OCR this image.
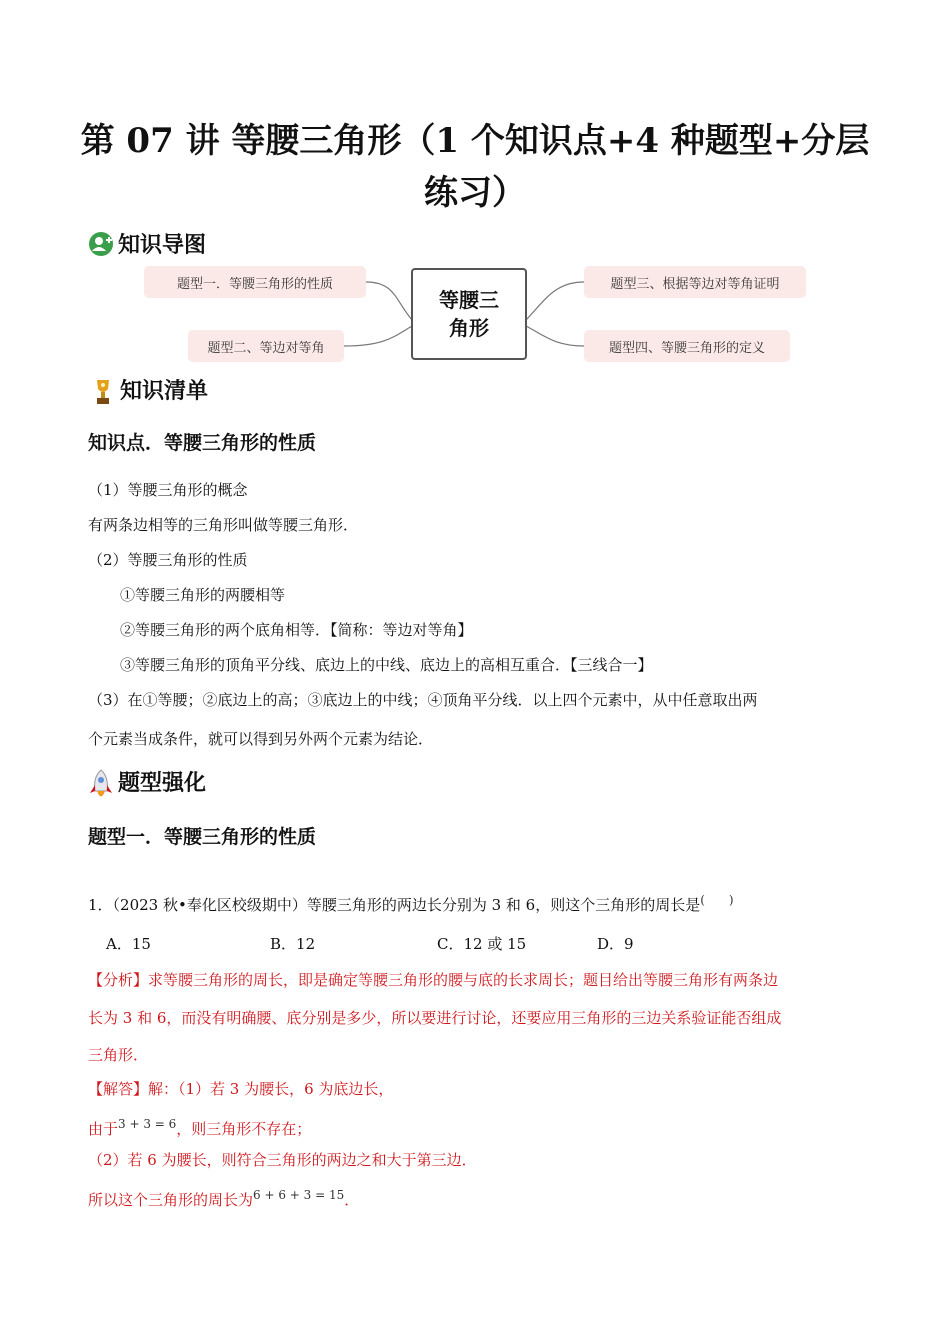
第 07 讲 等腰三角形（1 个知识点+4 种题型+分层
练习）
知识导图
题型一．等腰三角形的性质
题型二、等边对等角
题型三、根据等边对等角证明
题型四、等腰三角形的定义
等腰三
角形
知识清单
知识点．等腰三角形的性质
（1）等腰三角形的概念
有两条边相等的三角形叫做等腰三角形．
（2）等腰三角形的性质
①等腰三角形的两腰相等
②等腰三角形的两个底角相等．【简称：等边对等角】
③等腰三角形的顶角平分线、底边上的中线、底边上的高相互重合．【三线合一】
（3）在①等腰；②底边上的高；③底边上的中线；④顶角平分线．以上四个元素中，从中任意取出两
个元素当成条件，就可以得到另外两个元素为结论．
题型强化
题型一．等腰三角形的性质
1．（2023 秋•奉化区校级期中）等腰三角形的两边长分别为 3 和 6，则这个三角形的周长是(　　)
A．15	B．12	C．12 或 15	D．9
【分析】求等腰三角形的周长，即是确定等腰三角形的腰与底的长求周长；题目给出等腰三角形有两条边
长为 3 和 6，而没有明确腰、底分别是多少，所以要进行讨论，还要应用三角形的三边关系验证能否组成
三角形．
【解答】解：（1）若 3 为腰长，6 为底边长，
由于$^{3 + 3 = 6}$，则三角形不存在；
（2）若 6 为腰长，则符合三角形的两边之和大于第三边．
所以这个三角形的周长为$^{6 + 6 + 3 = 15}$．
